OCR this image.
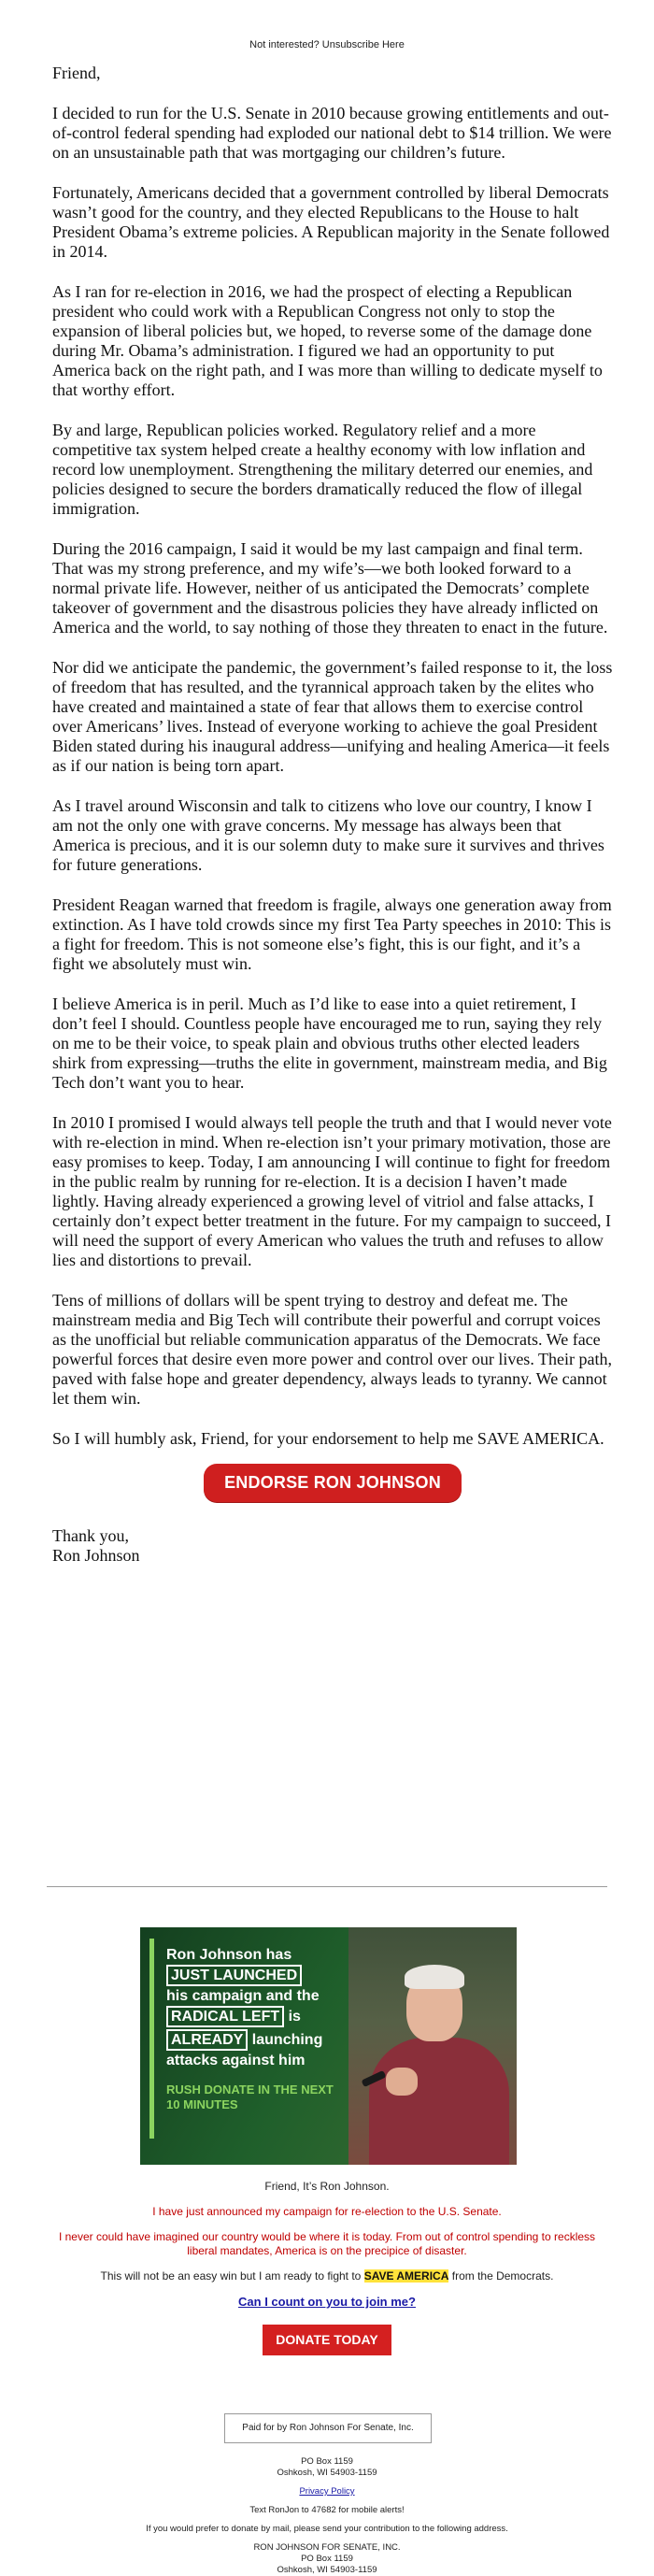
Not interested? Unsubscribe Here

Friend,

I decided to run for the U.S. Senate in 2010 because growing entitlements and out-of-control federal spending had exploded our national debt to $14 trillion. We were on an unsustainable path that was mortgaging our children’s future.

Fortunately, Americans decided that a government controlled by liberal Democrats wasn’t good for the country, and they elected Republicans to the House to halt President Obama’s extreme policies. A Republican majority in the Senate followed in 2014.

As I ran for re-election in 2016, we had the prospect of electing a Republican president who could work with a Republican Congress not only to stop the expansion of liberal policies but, we hoped, to reverse some of the damage done during Mr. Obama’s administration. I figured we had an opportunity to put America back on the right path, and I was more than willing to dedicate myself to that worthy effort.

By and large, Republican policies worked. Regulatory relief and a more competitive tax system helped create a healthy economy with low inflation and record low unemployment. Strengthening the military deterred our enemies, and policies designed to secure the borders dramatically reduced the flow of illegal immigration.

During the 2016 campaign, I said it would be my last campaign and final term. That was my strong preference, and my wife’s—we both looked forward to a normal private life. However, neither of us anticipated the Democrats’ complete takeover of government and the disastrous policies they have already inflicted on America and the world, to say nothing of those they threaten to enact in the future.

Nor did we anticipate the pandemic, the government’s failed response to it, the loss of freedom that has resulted, and the tyrannical approach taken by the elites who have created and maintained a state of fear that allows them to exercise control over Americans’ lives. Instead of everyone working to achieve the goal President Biden stated during his inaugural address—unifying and healing America—it feels as if our nation is being torn apart.

As I travel around Wisconsin and talk to citizens who love our country, I know I am not the only one with grave concerns. My message has always been that America is precious, and it is our solemn duty to make sure it survives and thrives for future generations.

President Reagan warned that freedom is fragile, always one generation away from extinction. As I have told crowds since my first Tea Party speeches in 2010: This is a fight for freedom. This is not someone else’s fight, this is our fight, and it’s a fight we absolutely must win.

I believe America is in peril. Much as I’d like to ease into a quiet retirement, I don’t feel I should. Countless people have encouraged me to run, saying they rely on me to be their voice, to speak plain and obvious truths other elected leaders shirk from expressing—truths the elite in government, mainstream media, and Big Tech don’t want you to hear.

In 2010 I promised I would always tell people the truth and that I would never vote with re-election in mind. When re-election isn’t your primary motivation, those are easy promises to keep. Today, I am announcing I will continue to fight for freedom in the public realm by running for re-election. It is a decision I haven’t made lightly. Having already experienced a growing level of vitriol and false attacks, I certainly don’t expect better treatment in the future. For my campaign to succeed, I will need the support of every American who values the truth and refuses to allow lies and distortions to prevail.

Tens of millions of dollars will be spent trying to destroy and defeat me. The mainstream media and Big Tech will contribute their powerful and corrupt voices as the unofficial but reliable communication apparatus of the Democrats. We face powerful forces that desire even more power and control over our lives. Their path, paved with false hope and greater dependency, always leads to tyranny. We cannot let them win.

So I will humbly ask, Friend, for your endorsement to help me SAVE AMERICA.

ENDORSE RON JOHNSON

Thank you,

Ron Johnson

Ron Johnson has
JUST LAUNCHED
his campaign and the
RADICAL LEFT is
ALREADY launching attacks against him
RUSH DONATE IN THE NEXT 10 MINUTES

Friend, It’s Ron Johnson.

I have just announced my campaign for re-election to the U.S. Senate.

I never could have imagined our country would be where it is today. From out of control spending to reckless liberal mandates, America is on the precipice of disaster.

This will not be an easy win but I am ready to fight to SAVE AMERICA from the Democrats.

Can I count on you to join me?

DONATE TODAY
Paid for by Ron Johnson For Senate, Inc.

PO Box 1159

Oshkosh, WI 54903-1159

Privacy Policy

Text RonJon to 47682 for mobile alerts!

If you would prefer to donate by mail, please send your contribution to the following address.

RON JOHNSON FOR SENATE, INC.

PO Box 1159

Oshkosh, WI 54903-1159
